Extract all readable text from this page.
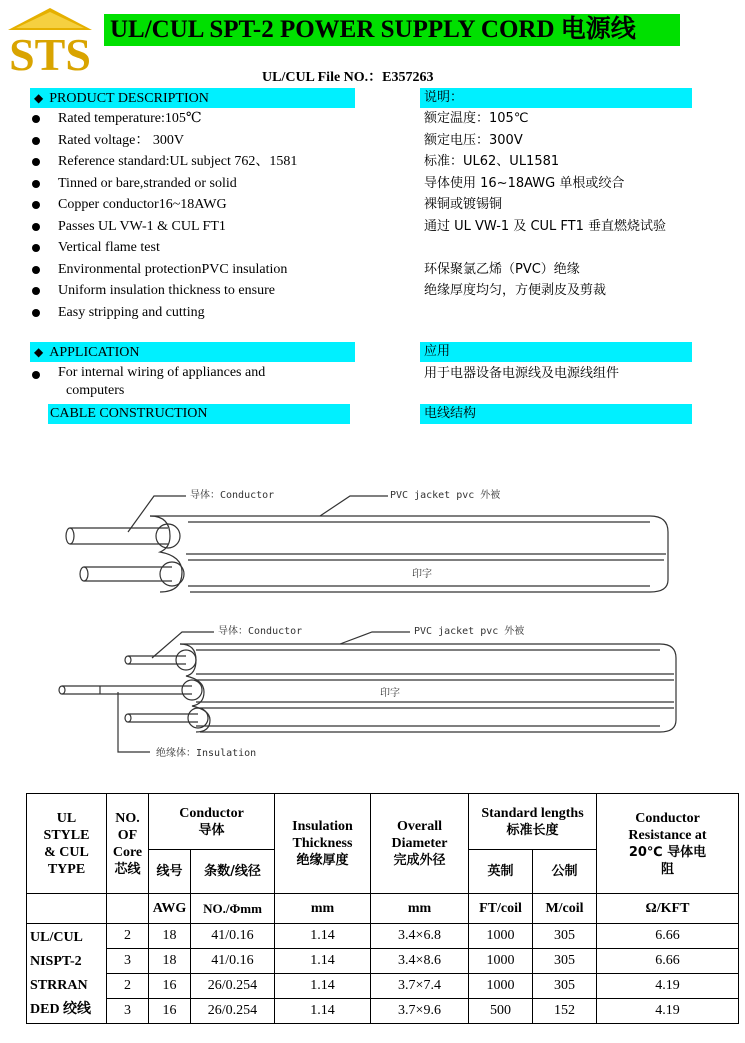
STS UL/CUL SPT-2 POWER SUPPLY CORD 电源线
UL/CUL File NO.：E357263
◆ PRODUCT DESCRIPTION	说明：
Rated temperature:105℃
Rated voltage： 300V
Reference standard:UL subject 762、1581
Tinned or bare,stranded or solid
Copper conductor16~18AWG
Passes UL VW-1 & CUL FT1
Vertical flame test
Environmental protectionPVC insulation
Uniform insulation thickness to ensure
Easy stripping and cutting
额定温度：105℃
额定电压：300V
标准：UL62、UL1581
导体使用 16~18AWG 单根或绞合
裸铜或镀锡铜
通过 UL VW-1 及 CUL FT1 垂直燃烧试验
环保聚氯乙烯（PVC）绝缘
绝缘厚度均匀，方便剥皮及剪裁
◆ APPLICATION	应用
For internal wiring of appliances and
computers
用于电器设备电源线及电源线组件
CABLE CONSTRUCTION	电线结构
导体：Conductor	PVC jacket pvc 外被
印字
导体：Conductor	PVC jacket pvc 外被
印字
绝缘体：Insulation
UL
STYLE
& CUL
TYPE	NO.
OF
Core
芯线	Conductor
导体		Insulation
Thickness
绝缘厚度	Overall
Diameter
完成外径	Standard lengths
标准长度		Conductor
Resistance at
20℃ 导体电
阻
		线号	条数/线径			英制	公制	
		AWG	NO./Φmm	mm	mm	FT/coil	M/coil	Ω/KFT
UL/CUL
NISPT-2
STRRAN
DED 绞线	2	18	41/0.16	1.14	3.4×6.8	1000	305	6.66
	3	18	41/0.16	1.14	3.4×8.6	1000	305	6.66
	2	16	26/0.254	1.14	3.7×7.4	1000	305	4.19
	3	16	26/0.254	1.14	3.7×9.6	500	152	4.19
